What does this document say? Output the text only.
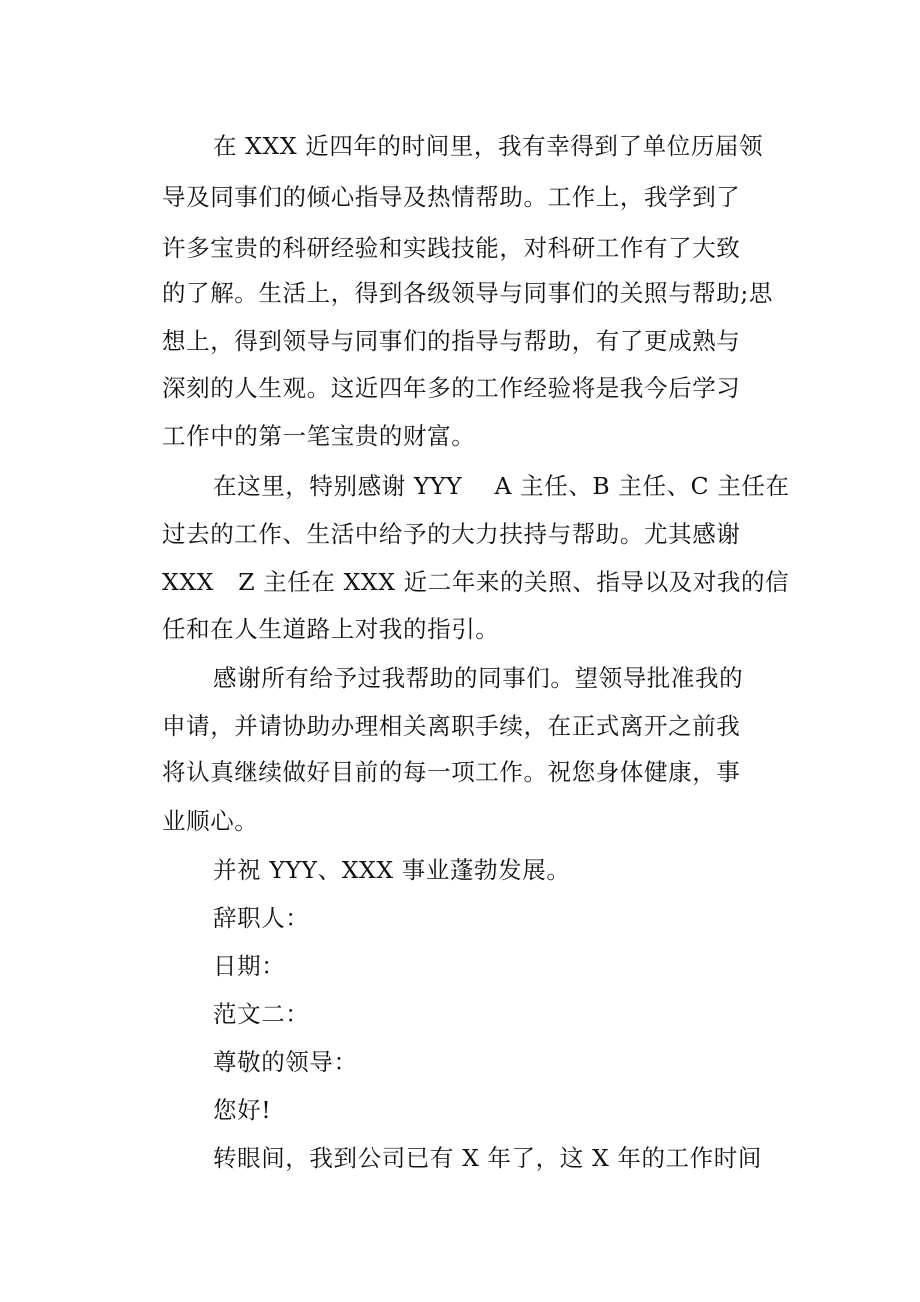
在 XXX 近四年的时间里，我有幸得到了单位历届领
导及同事们的倾心指导及热情帮助。工作上，我学到了
许多宝贵的科研经验和实践技能，对科研工作有了大致
的了解。生活上，得到各级领导与同事们的关照与帮助;思
想上，得到领导与同事们的指导与帮助，有了更成熟与
深刻的人生观。这近四年多的工作经验将是我今后学习
工作中的第一笔宝贵的财富。
在这里，特别感谢 YYY    A 主任、B 主任、C 主任在
过去的工作、生活中给予的大力扶持与帮助。尤其感谢
XXX   Z 主任在 XXX 近二年来的关照、指导以及对我的信
任和在人生道路上对我的指引。
感谢所有给予过我帮助的同事们。望领导批准我的
申请，并请协助办理相关离职手续，在正式离开之前我
将认真继续做好目前的每一项工作。祝您身体健康，事
业顺心。
并祝 YYY、XXX 事业蓬勃发展。
辞职人：
日期：
范文二：
尊敬的领导：
您好!
转眼间，我到公司已有 X 年了，这 X 年的工作时间
